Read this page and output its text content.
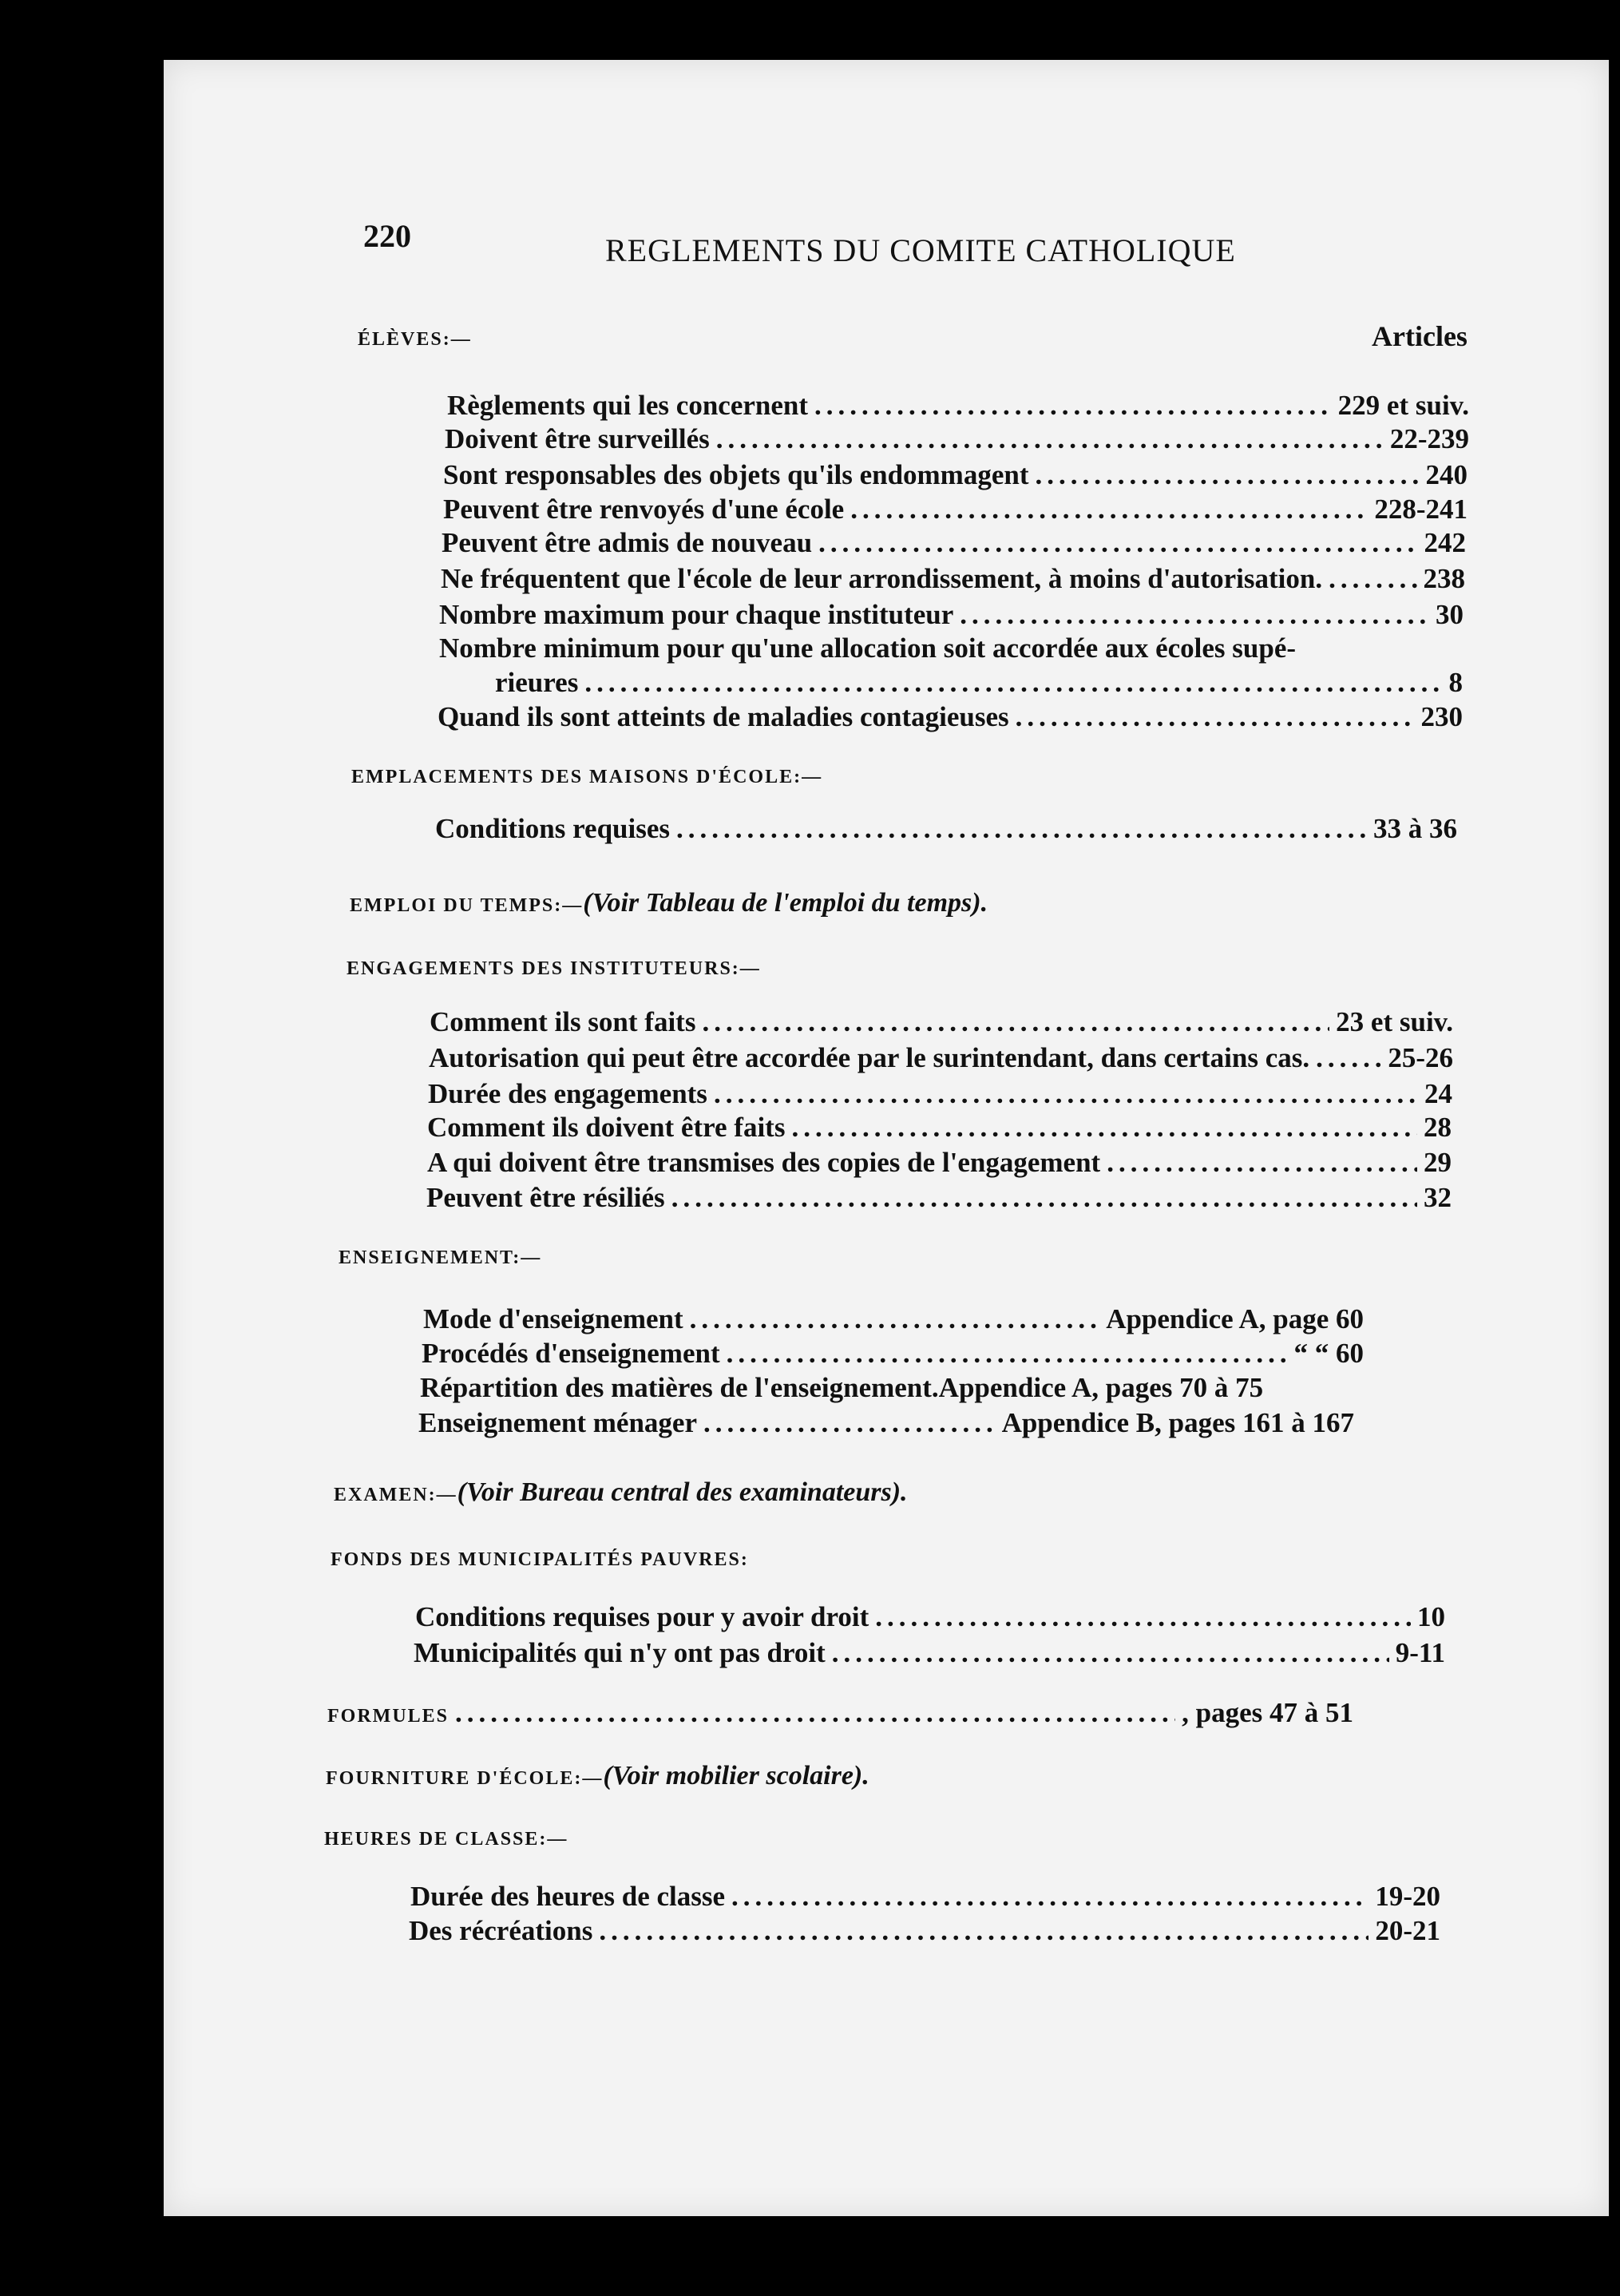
220	REGLEMENTS DU COMITE CATHOLIQUE
Articles
ÉLÈVES:—
Règlements qui les concernent .....	229 et suiv.
Doivent être surveillés .....	22-239
Sont responsables des objets qu'ils endommagent .....	240
Peuvent être renvoyés d'une école .....	228-241
Peuvent être admis de nouveau .....	242
Ne fréquentent que l'école de leur arrondissement, à moins d'autorisation. .....	238
Nombre maximum pour chaque instituteur .....	30
Nombre minimum pour qu'une allocation soit accordée aux écoles supé-
rieures .....	8
Quand ils sont atteints de maladies contagieuses .....	230
EMPLACEMENTS DES MAISONS D'ÉCOLE:—
Conditions requises .....	33 à 36
EMPLOI DU TEMPS:—(Voir Tableau de l'emploi du temps).
ENGAGEMENTS DES INSTITUTEURS:—
Comment ils sont faits .....	23 et suiv.
Autorisation qui peut être accordée par le surintendant, dans certains cas. .....	25-26
Durée des engagements .....	24
Comment ils doivent être faits .....	28
A qui doivent être transmises des copies de l'engagement .....	29
Peuvent être résiliés .....	32
ENSEIGNEMENT:—
Mode d'enseignement .....	Appendice A, page 60
Procédés d'enseignement .....	“ “ 60
Répartition des matières de l'enseignement. Appendice A, pages 70 à 75
Enseignement ménager .....	Appendice B, pages 161 à 167
EXAMEN:—(Voir Bureau central des examinateurs).
FONDS DES MUNICIPALITÉS PAUVRES:
Conditions requises pour y avoir droit .....	10
Municipalités qui n'y ont pas droit .....	9-11
FORMULES .....	, pages 47 à 51
FOURNITURE D'ÉCOLE:—(Voir mobilier scolaire).
HEURES DE CLASSE:—
Durée des heures de classe .....	19-20
Des récréations .....	20-21
